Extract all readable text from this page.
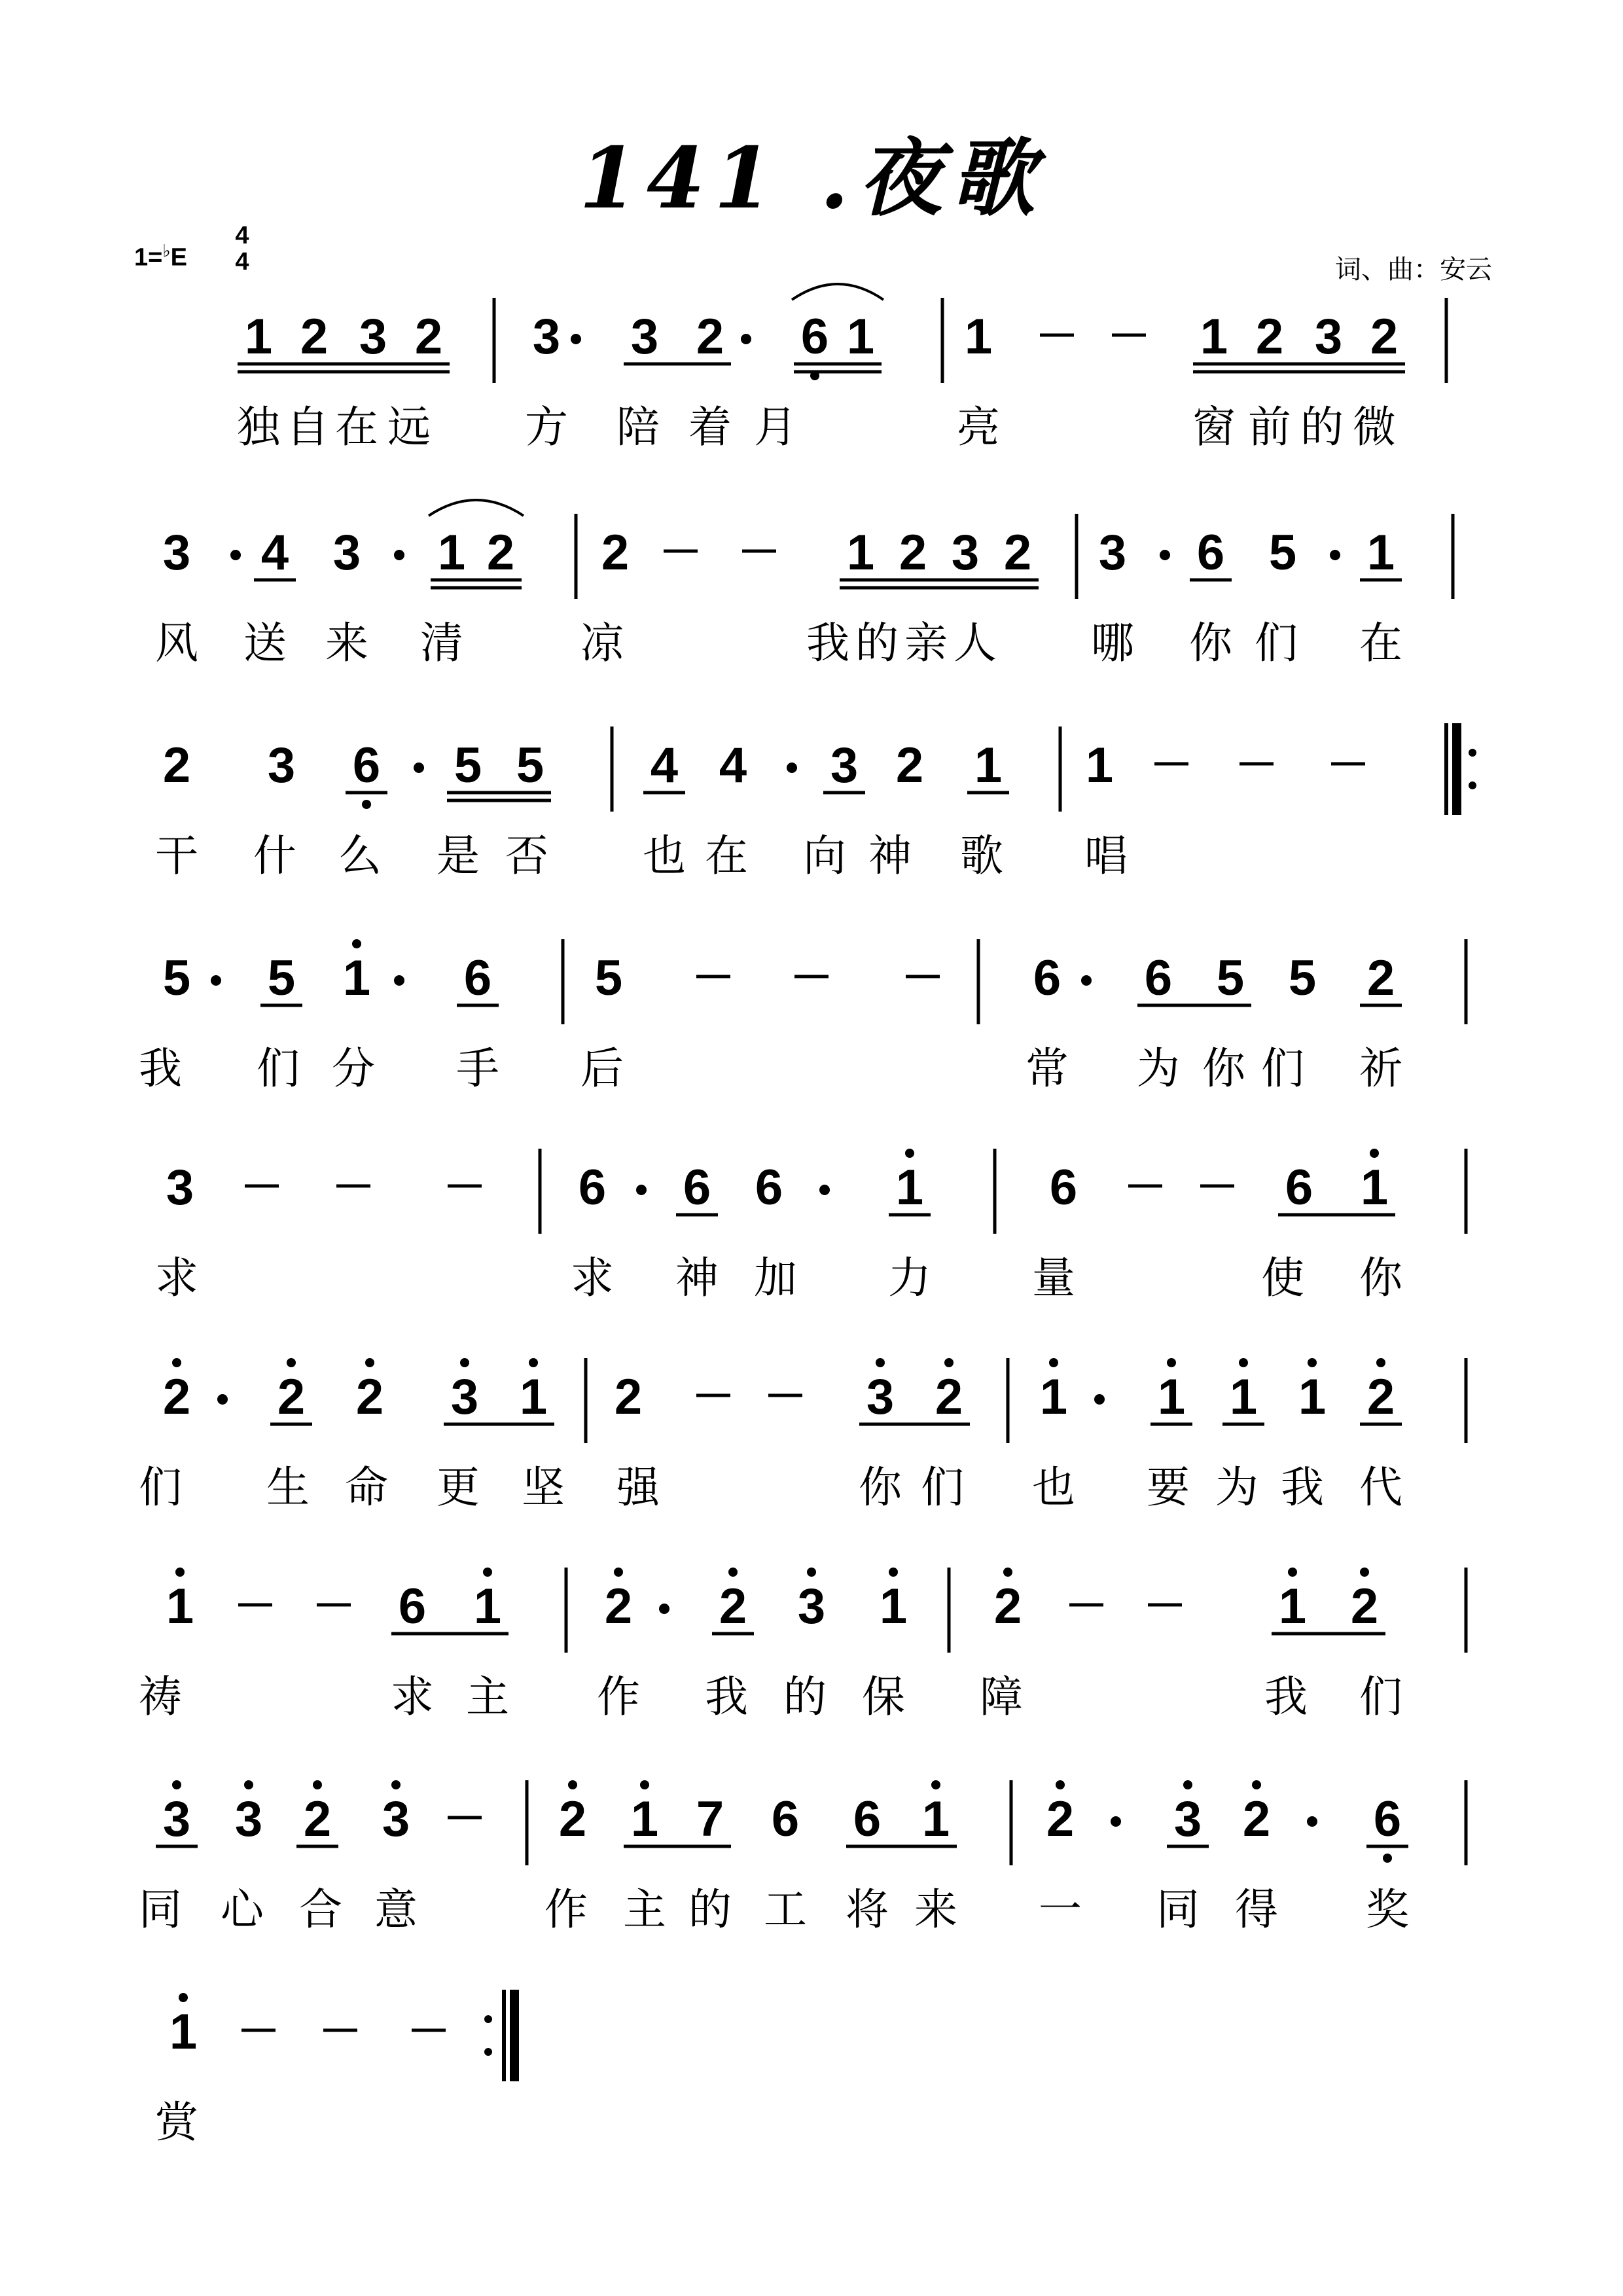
141 .夜歌
1=♭E
4
4	词、曲：安云
1 2 3 2 3 3 2 6 1 1	1 2 3 2
独 自 在 远 方 陪 着 月	亮	窗 前 的 微
3 4 3 1 2 2	1 2 3 2 3 6 5 1
风 送 来 清	凉	我 的 亲 人 哪 你 们 在
2 3 6 5 5 4 4 3 2 1 1
干 什 么 是 否 也 在 向 神 歌 唱
5 5 1 6 5	6 6 5 5 2
我 们 分 手 后	常 为 你 们 祈
3	6 6 6 1	6	6 1
求	求 神 加 力 量	使 你
2 2 2 3 1 2	3 2 1 1 1 1 2
们 生 命 更 坚 强	你 们 也 要 为 我 代
1	6 1 2 2 3 1 2	1 2
祷	求 主 作 我 的 保 障	我 们
3 3 2 3	2 1 7 6 6 1 2 3 2 6
同 心 合 意	作 主 的 工 将 来 一 同 得 奖
1
赏
